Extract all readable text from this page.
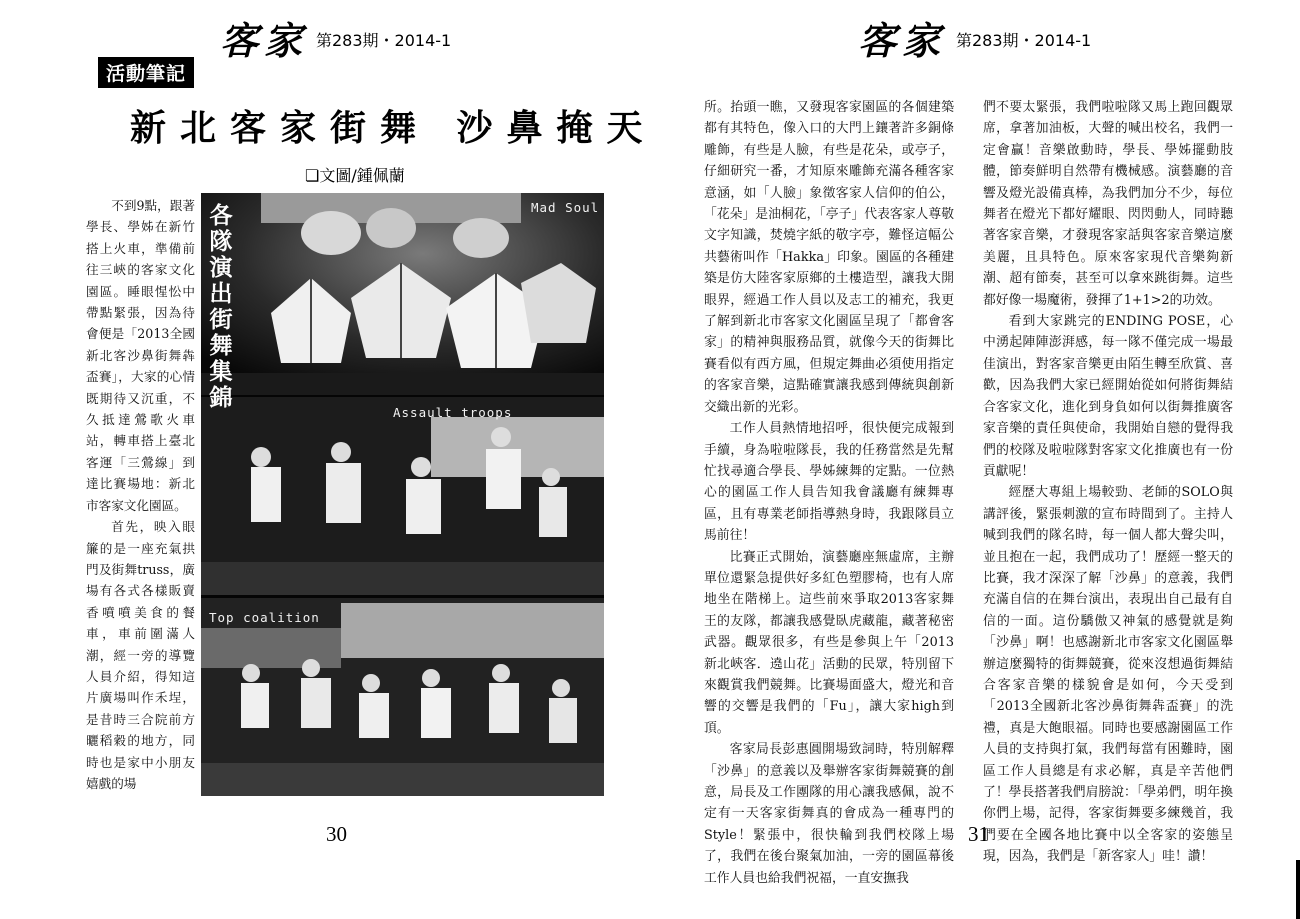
客家 第283期・2014-1
活動筆記
新北客家街舞 沙鼻掩天
❏文圖/鍾佩蘭

不到9點，跟著學長、學姊在新竹搭上火車，準備前往三峽的客家文化園區。睡眼惺忪中帶點緊張，因為待會便是「2013全國新北客沙鼻街舞犇盃賽」，大家的心情既期待又沉重，不久抵達鶯歌火車站，轉車搭上臺北客運「三鶯線」到達比賽場地：新北市客家文化園區。

首先，映入眼簾的是一座充氣拱門及街舞truss，廣場有各式各樣販賣香噴噴美食的餐車，車前圍滿人潮，經一旁的導覽人員介紹，得知這片廣場叫作禾埕，是昔時三合院前方曬稻穀的地方，同時也是家中小朋友嬉戲的場

Mad Soul
Assault troops
Top coalition
各隊演出街舞集錦
30
客家 第283期・2014-1

所。抬頭一瞧，又發現客家園區的各個建築都有其特色，像入口的大門上鑲著許多銅條雕飾，有些是人臉，有些是花朵，或亭子，仔細研究一番，才知原來雕飾充滿各種客家意涵，如「人臉」象徵客家人信仰的伯公，「花朵」是油桐花，「亭子」代表客家人尊敬文字知識，焚燒字紙的敬字亭，難怪這幅公共藝術叫作「Hakka」印象。園區的各種建築是仿大陸客家原鄉的土樓造型，讓我大開眼界，經過工作人員以及志工的補充，我更了解到新北市客家文化園區呈現了「都會客家」的精神與服務品質，就像今天的街舞比賽看似有西方風，但規定舞曲必須使用指定的客家音樂，這點確實讓我感到傳統與創新交織出新的光彩。

工作人員熱情地招呼，很快便完成報到手續，身為啦啦隊長，我的任務當然是先幫忙找尋適合學長、學姊練舞的定點。一位熱心的園區工作人員告知我會議廳有練舞專區，且有專業老師指導熱身時，我跟隊員立馬前往！

比賽正式開始，演藝廳座無虛席，主辦單位還緊急提供好多紅色塑膠椅，也有人席地坐在階梯上。這些前來爭取2013客家舞王的友隊，都讓我感覺臥虎藏龍，藏著秘密武器。觀眾很多，有些是參與上午「2013新北峽客．遶山花」活動的民眾，特別留下來觀賞我們競舞。比賽場面盛大，燈光和音響的交響是我們的「Fu」，讓大家high到頂。

客家局長彭惠圓開場致詞時，特別解釋「沙鼻」的意義以及舉辦客家街舞競賽的創意，局長及工作團隊的用心讓我感佩，說不定有一天客家街舞真的會成為一種專門的Style！緊張中，很快輪到我們校隊上場了，我們在後台聚氣加油，一旁的園區幕後工作人員也給我們祝福，一直安撫我

們不要太緊張，我們啦啦隊又馬上跑回觀眾席，拿著加油板，大聲的喊出校名，我們一定會贏！音樂啟動時，學長、學姊擺動肢體，節奏鮮明自然帶有機械感。演藝廳的音響及燈光設備真棒，為我們加分不少，每位舞者在燈光下都好耀眼、閃閃動人，同時聽著客家音樂，才發現客家話與客家音樂這麼美麗，且具特色。原來客家現代音樂夠新潮、超有節奏，甚至可以拿來跳街舞。這些都好像一場魔術，發揮了1+1>2的功效。

看到大家跳完的ENDING POSE，心中湧起陣陣澎湃感，每一隊不僅完成一場最佳演出，對客家音樂更由陌生轉至欣賞、喜歡，因為我們大家已經開始從如何將街舞結合客家文化，進化到身負如何以街舞推廣客家音樂的責任與使命，我開始自戀的覺得我們的校隊及啦啦隊對客家文化推廣也有一份貢獻呢！

經歷大專組上場較勁、老師的SOLO與講評後，緊張刺激的宣布時間到了。主持人喊到我們的隊名時，每一個人都大聲尖叫，並且抱在一起，我們成功了！歷經一整天的比賽，我才深深了解「沙鼻」的意義，我們充滿自信的在舞台演出，表現出自己最有自信的一面。這份驕傲又神氣的感覺就是夠「沙鼻」啊！也感謝新北市客家文化園區舉辦這麼獨特的街舞競賽，從來沒想過街舞結合客家音樂的樣貌會是如何，今天受到「2013全國新北客沙鼻街舞犇盃賽」的洗禮，真是大飽眼福。同時也要感謝園區工作人員的支持與打氣，我們每當有困難時，園區工作人員總是有求必解，真是辛苦他們了！學長搭著我們肩膀說：「學弟們，明年換你們上場，記得，客家街舞要多練幾首，我們要在全國各地比賽中以全客家的姿態呈現，因為，我們是「新客家人」哇！讚！

31
